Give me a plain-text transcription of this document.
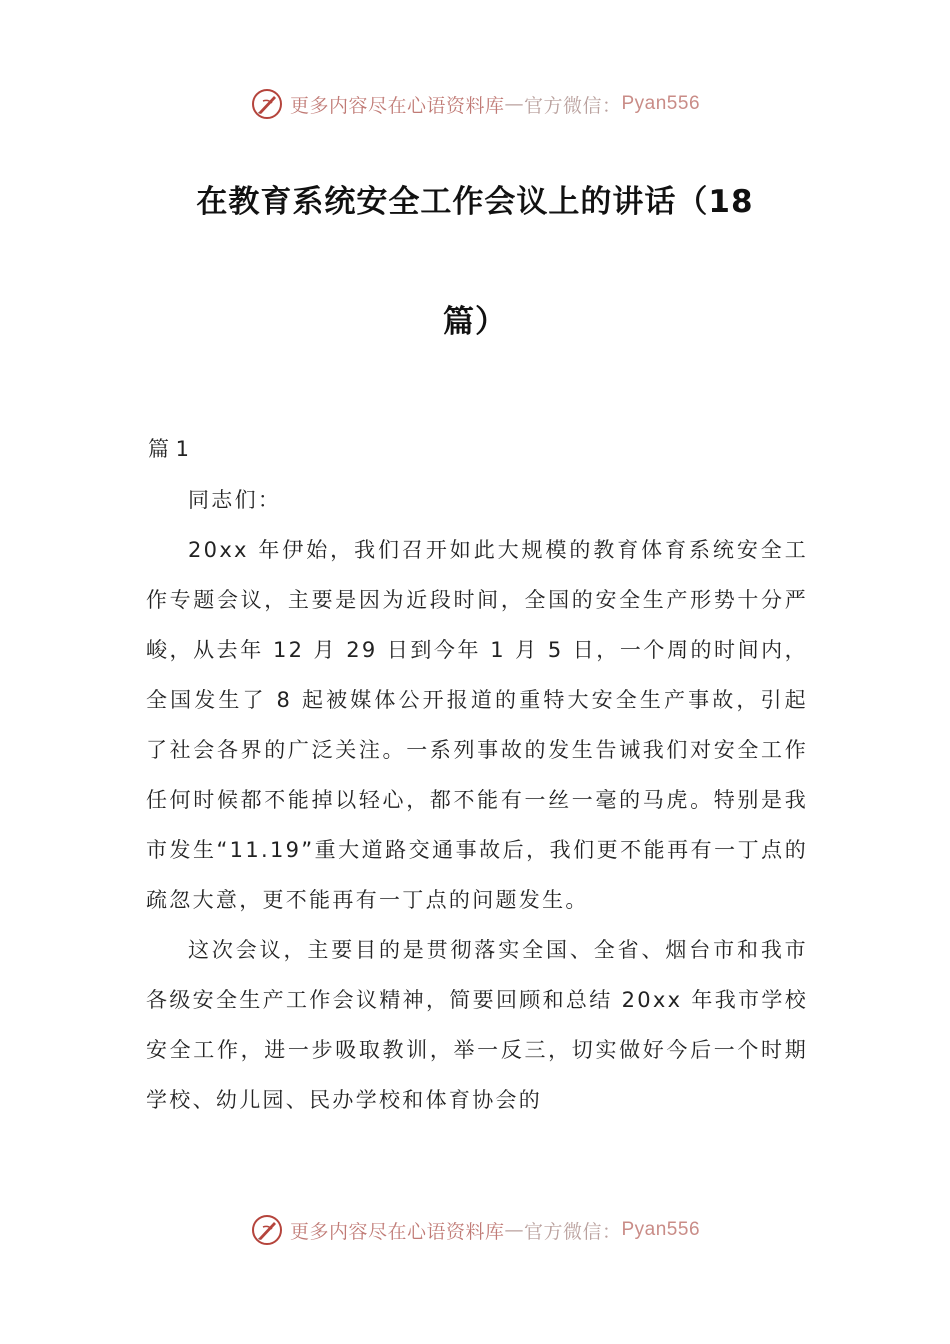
更多内容尽在心语资料库 — 官方微信： Pyan556
在教育系统安全工作会议上的讲话（18
篇）
篇 1

同志们：

20xx 年伊始，我们召开如此大规模的教育体育系统安全工作专题会议，主要是因为近段时间，全国的安全生产形势十分严峻，从去年 12 月 29 日到今年 1 月 5 日，一个周的时间内，全国发生了 8 起被媒体公开报道的重特大安全生产事故，引起了社会各界的广泛关注。一系列事故的发生告诫我们对安全工作任何时候都不能掉以轻心，都不能有一丝一毫的马虎。特别是我市发生“11.19”重大道路交通事故后，我们更不能再有一丁点的疏忽大意，更不能再有一丁点的问题发生。

这次会议，主要目的是贯彻落实全国、全省、烟台市和我市各级安全生产工作会议精神，简要回顾和总结 20xx 年我市学校安全工作，进一步吸取教训，举一反三，切实做好今后一个时期学校、幼儿园、民办学校和体育协会的

更多内容尽在心语资料库 — 官方微信： Pyan556
